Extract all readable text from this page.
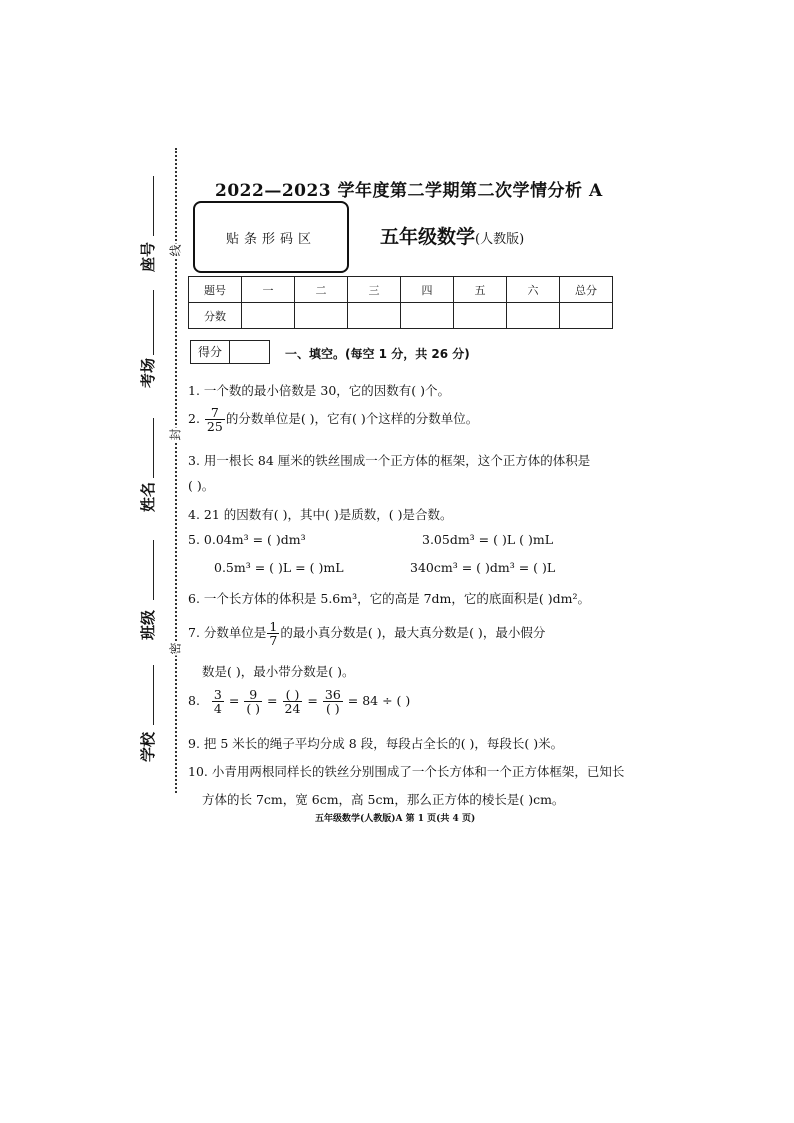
座号
考场
姓名
班级
学校
线
封
密
2022—2023 学年度第二学期第二次学情分析 A
贴条形码区	五年级数学(人教版)
题号	一	二	三	四	五	六	总分
分数							
得分	一、填空。(每空 1 分，共 26 分)
1. 一个数的最小倍数是 30，它的因数有( )个。
2. $\frac{7}{25}$ 的分数单位是( )，它有( )个这样的分数单位。
3. 用一根长 84 厘米的铁丝围成一个正方体的框架，这个正方体的体积是
( )。
4. 21 的因数有( )，其中( )是质数，( )是合数。
5. 0.04m³ = ( )dm³	3.05dm³ = ( )L ( )mL
0.5m³ = ( )L = ( )mL	340cm³ = ( )dm³ = ( )L
6. 一个长方体的体积是 5.6m³，它的高是 7dm，它的底面积是( )dm²。
7. 分数单位是 $\frac{1}{7}$ 的最小真分数是( )，最大真分数是( )，最小假分
数是( )，最小带分数是( )。
8. $\frac{3}{4} = \frac{9}{( )} = \frac{( )}{24} = \frac{36}{( )} = 84$ ÷ ( )
9. 把 5 米长的绳子平均分成 8 段，每段占全长的( )，每段长( )米。
10. 小青用两根同样长的铁丝分别围成了一个长方体和一个正方体框架，已知长
方体的长 7cm，宽 6cm，高 5cm，那么正方体的棱长是( )cm。
五年级数学(人教版)A 第 1 页(共 4 页)
